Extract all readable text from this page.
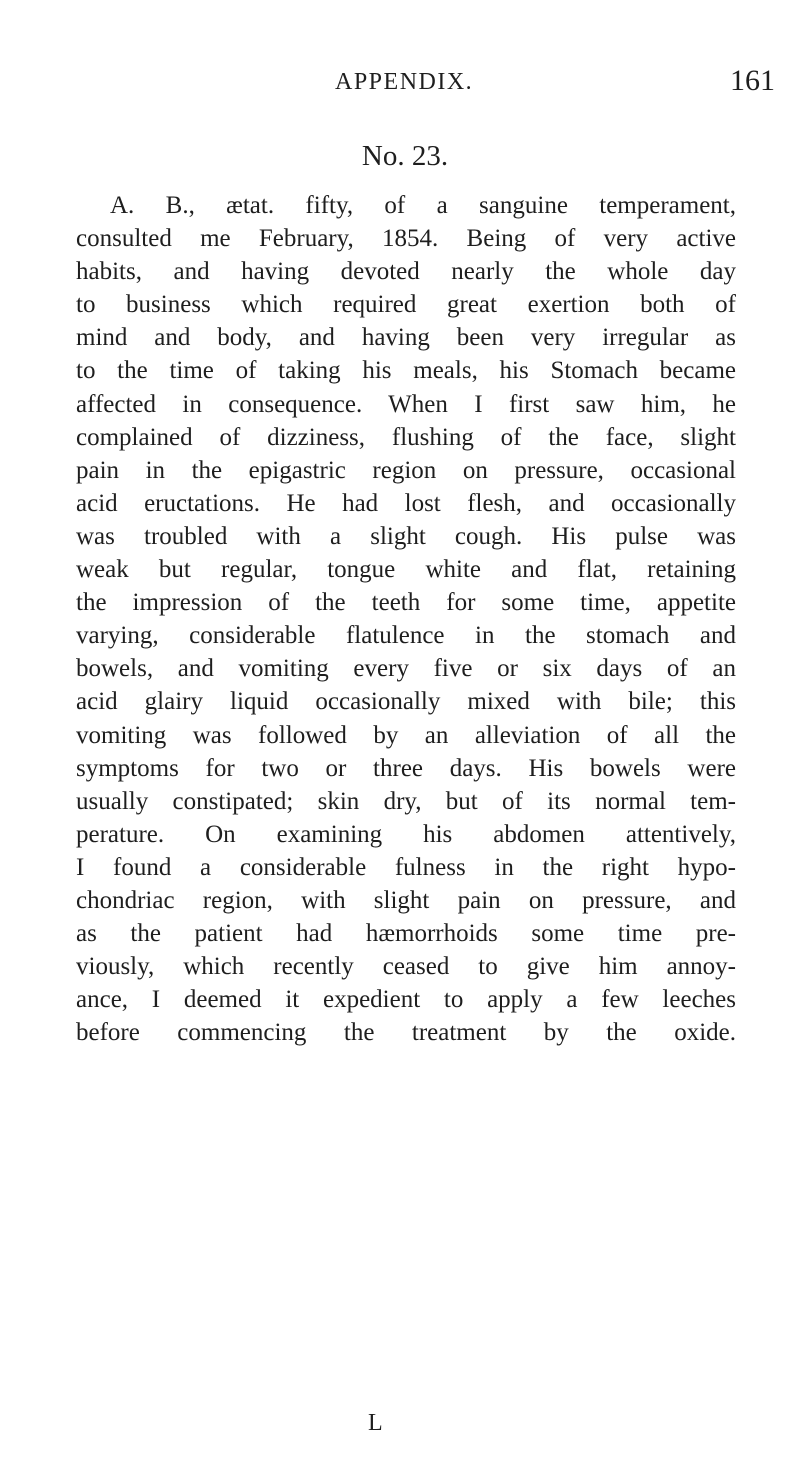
APPENDIX.	161
No. 23.
A. B., ætat. fifty, of a sanguine temperament,
consulted me February, 1854. Being of very active
habits, and having devoted nearly the whole day
to business which required great exertion both of
mind and body, and having been very irregular as
to the time of taking his meals, his Stomach became
affected in consequence. When I first saw him, he
complained of dizziness, flushing of the face, slight
pain in the epigastric region on pressure, occasional
acid eructations. He had lost flesh, and occasionally
was troubled with a slight cough. His pulse was
weak but regular, tongue white and flat, retaining
the impression of the teeth for some time, appetite
varying, considerable flatulence in the stomach and
bowels, and vomiting every five or six days of an
acid glairy liquid occasionally mixed with bile; this
vomiting was followed by an alleviation of all the
symptoms for two or three days. His bowels were
usually constipated; skin dry, but of its normal tem-
perature. On examining his abdomen attentively,
I found a considerable fulness in the right hypo-
chondriac region, with slight pain on pressure, and
as the patient had hæmorrhoids some time pre-
viously, which recently ceased to give him annoy-
ance, I deemed it expedient to apply a few leeches
before commencing the treatment by the oxide.
L
